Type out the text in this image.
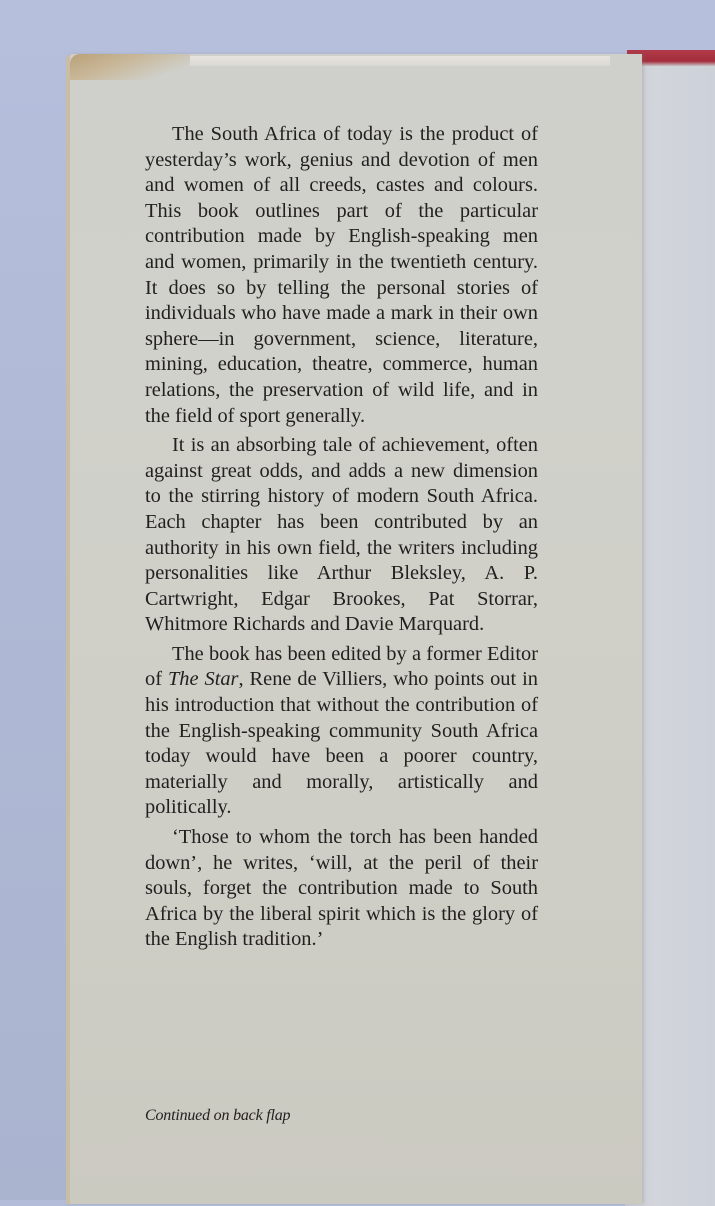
The South Africa of today is the product of yesterday’s work, genius and devotion of men and women of all creeds, castes and colours. This book outlines part of the particular contribution made by English-speaking men and women, primarily in the twentieth century. It does so by telling the personal stories of individuals who have made a mark in their own sphere—in government, science, literature, mining, education, theatre, commerce, human relations, the preservation of wild life, and in the field of sport generally.

It is an absorbing tale of achievement, often against great odds, and adds a new dimension to the stirring history of modern South Africa. Each chapter has been contributed by an authority in his own field, the writers including personalities like Arthur Bleksley, A. P. Cartwright, Edgar Brookes, Pat Storrar, Whitmore Richards and Davie Marquard.

The book has been edited by a former Editor of The Star, Rene de Villiers, who points out in his introduction that without the contribution of the English-speaking community South Africa today would have been a poorer country, materially and morally, artistically and politically.

‘Those to whom the torch has been handed down’, he writes, ‘will, at the peril of their souls, forget the contribution made to South Africa by the liberal spirit which is the glory of the English tradition.’

Continued on back flap
